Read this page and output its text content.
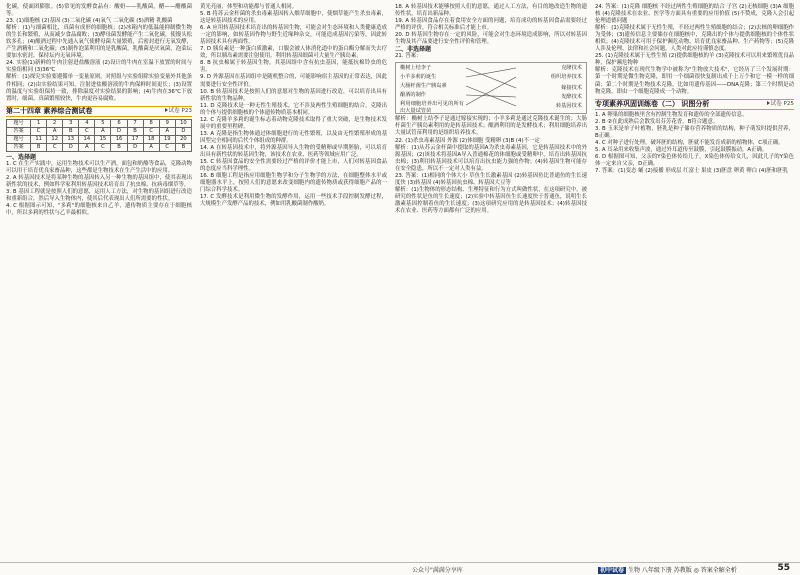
化碳，使面团膨胀。(5)常见的发酵食品有：酸奶——乳酸菌，醋——醋酸菌等。

23. (1)细胞核 (2)基因 (3)二氧化碳 (4)氧气 二氧化碳 (5)酒精 乳酸菌

解析：(1)与细菌相比，真菌有成形的细胞核；(2)冰箱内的低温能抑制微生物的生长和繁殖，从而减少食品腐败；(3)酵母菌发酵能产生二氧化碳，使馒头松软多孔；(4)酿酒过程中先通入氧气使酵母菌大量繁殖，后密封进行无氧发酵，产生酒精和二氧化碳；(5)制作泡菜利用的是乳酸菌，乳酸菌是厌氧菌，泡菜坛要加水密封，保持坛内无氧环境。

24. 实验(1)新鲜的牛肉注射进盐酸溶液 (2)设计的牛肉在室温下放置的时间与实验组相同 (3)36℃

解析：(1)探究实验要遵循单一变量原则，对照组与实验组除实验变量外其他条件相同；(2)由实验结果可知，注射进盐酸溶液的牛肉保鲜时间更长；(3)设置的温度与实验组保持一致，排除温度对实验结果的影响；(4)牛肉在36℃下放置时，细菌、真菌繁殖较快，牛肉更容易腐败。

第二十四章 素养综合测试卷	试卷 P23
题号	1	2	3	4	5	6	7	8	9	10
答案	C	A	B	C	A	D	B	C	A	D
题号	11	12	13	14	15	16	17	18	19	20
答案	B	C	D	A	C	B	D	A	C	B

一、选择题

1. C 在生产实践中，运用生物技术可以生产酒，面包和奶酪等食品，克隆动物可以用于培育优良家畜品种，这些都是生物技术在生产生活中的应用。

2. A 转基因技术是将某种生物的基因转入另一种生物的基因组中，使其表现出新性状的技术，例如科学家利用转基因技术培育出了抗虫棉、抗病毒烟草等。

3. B 基因工程就是按照人们的意愿，运用人工方法，对生物的基因组进行改造和重新组合，然后导入生物体内，使其后代表现出人们所需要的性状。

4. C 根据图示可知，"多莉"的细胞核来自乙羊，遗传物质主要存在于细胞核中，所以多莉的性状与乙羊最相似。

黄光亮丽，体型和功能都与普通人相同。

5. B 将苏云金杆菌的杀虫毒素基因转入烟草细胞中，使烟草能产生杀虫毒素，这是转基因技术的应用。

6. A 应用转基因技术培育出的转基因生物，可能会对生态环境和人类健康造成一定的影响，如转基因作物与野生近缘种杂交，可能造成基因污染等，因此转基因技术具有两面性。

7. D 胰岛素是一种蛋白质激素，口服会被人体消化道中的蛋白酶分解而失去疗效，所以胰岛素需要注射使用。利用转基因细菌可大量生产胰岛素。

8. B 抗虫棉属于转基因生物，其基因组中含有抗虫基因，能抵抗棉铃虫的危害。

9. D 外源基因在基因组中是随机整合的，可能影响宿主基因的正常表达，因此需要进行安全性评价。

10. B 转基因技术是按照人们的意愿对生物的基因进行改造，可以培育出具有新性状的生物品种。

11. D 克隆技术是一种无性生殖技术，它不涉及两性生殖细胞的结合，克隆出的个体与提供细胞核的个体遗传物质基本相同。

12. C 克隆羊多莉的诞生标志着动物克隆技术取得了重大突破，是生物技术发展中的重要里程碑。

13. A 克隆是指生物体通过体细胞进行的无性繁殖，以及由无性繁殖形成的基因型完全相同的后代个体组成的种群。

14. A 在转基因技术中，将外源基因导入生物的受精卵或早期胚胎，可以培育出具有新性状的转基因生物，该技术在农业、医药等领域应用广泛。

15. C 转基因食品的安全性需要经过严格的评价才能上市，人们对转基因食品的态度应当科学理性。

16. B 细胞工程是指应用细胞生物学和分子生物学的方法，在细胞整体水平或细胞器水平上，按照人们的意愿来改变细胞内的遗传物质或获得细胞产品的一门综合科学技术。

17. C 发酵技术是利用微生物的发酵作用，运用一些技术手段控制发酵过程，大规模生产发酵产品的技术，例如用乳酸菌制作酸奶。

18. A 转基因技术能够按照人们的意愿，通过人工方法，有目的地改造生物的遗传性状，培育出新品种。

19. A 转基因食品存在着食用安全方面的问题，培育成功的转基因食品需要经过严格的评价，符合相关标准后才能上市。

20. D 转基因生物存在一定的风险，可能会对生态环境造成影响，所以对转基因生物及其产品要进行安全性评价和管理。

二、非选择题

21. 答案：

椭树上结李子
小羊多莉的诞生
大肠杆菌生产胰岛素
酿酒的制作
利用细胞培养出可见的所有出大量试管苗
克隆技术
组织培养技术
嫁接技术
发酵技术
转基因技术

解析：椭树上结李子是通过嫁接实现的；小羊多莉是通过克隆技术诞生的；大肠杆菌生产胰岛素利用的是转基因技术；酿酒利用的是发酵技术；利用细胞培养出大量试管苗利用的是组织培养技术。

22. (1)杀虫毒素基因 外源 (2)体细胞 受精卵 (3)B (4)不一定

解析：(1)从苏云金杆菌中提取的基因A为杀虫毒素基因，它是转基因技术中的外源基因；(2)该技术将基因A导入普通棉花的体细胞或受精卵中，培育出转基因抗虫棉；(3)利用转基因技术可以培育出抗虫能力强的作物；(4)转基因生物可能存在安全隐患，所以不一定对人类有益。

23. 答案：(1)相同的个体大小 草鱼生长激素基因 (2)转基因鱼比普通鱼的生长速度快 (3)转基因 (4)转基因抗虫棉、转基因大豆等

解析：(1)生物体的形态结构、生理特征和行为方式叫做性状，在这项研究中，被研究的性状是鱼的生长速度；(2)实验中转基因鱼生长速度快于普通鱼，说明生长激素基因控制着鱼的生长速度；(3)这项研究应用的是转基因技术；(4)转基因技术在农业、医药等方面都有广泛的应用。

24. 答案：(1)克隆 细胞核 不经过两性生殖细胞的结合 子宫 (2)无核细胞 (3)A 细胞核 (4)克隆技术在农业、医学等方面具有重要的应用价值 (5)不赞成，克隆人会引起伦理道德问题

解析：(1)克隆技术属于无性生殖，不经过两性生殖细胞的结合；(2)去核的卵细胞作为受体；(3)遗传信息主要储存在细胞核中，克隆出的个体与提供细胞核的个体性状相似；(4)克隆技术可用于保护濒危动物、培育优良家畜品种、生产药物等；(5)克隆人涉及伦理、法律和社会问题，人类对此应持谨慎态度。

25. (1)克隆技术属于无性生殖 (2)提供细胞核的羊 (3)克隆技术可以用来繁殖优良品种，保护濒危物种

解析：克隆技术在现代生物学中被称为"生物放大技术"，它经历了三个发展时期：第一个时期是微生物克隆，即用一个细菌很快复制出成千上万个和它一模一样的细菌；第二个时期是生物技术克隆，比如用遗传基因——DNA克隆；第三个时期是动物克隆，即由一个细胞克隆成一个动物。

专项素养巩固训练卷（二） 识图分析	试卷 P25

1. A 卵巢的细胞核里含有控制生物发育和遗传的全部遗传信息。

2. B ②在此成熟后会散发出芬芳花香，B符合题意。

3. B 玉米是单子叶植物，胚乳是种子储存营养物质的结构，种子萌发时提供营养，B正确。

4. C 对种子进行处理，破坏胚的结构，胚就不能发育成新的植物体，C项正确。

5. A 耳朵用来收集声波，通过外耳道传至鼓膜，引起鼓膜振动，A正确。

6. D 根据图可知，父亲的Y染色体传给儿子，X染色体传给女儿，因此儿子的Y染色体一定来自父亲，D正确。

7. 答案：(1)变态 蛹 (2)接播 形成层 红富士 果皮 (3)胚盘 卵黄 卵白 (4)胚和胚乳

公众号"满满分享库	初中试卷 生物 八年级下册 苏教版 ◎ 答案全解全析	55
